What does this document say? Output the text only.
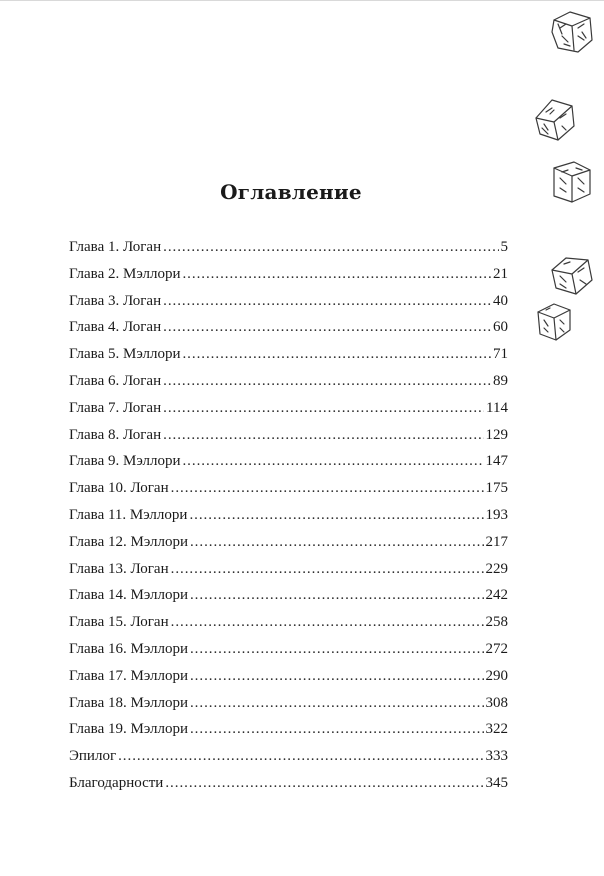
Оглавление
Глава 1. Логан . . .	5
Глава 2. Мэллори . . .	21
Глава 3. Логан . . .	40
Глава 4. Логан . . .	60
Глава 5. Мэллори . . .	71
Глава 6. Логан . . .	89
Глава 7. Логан . . .	114
Глава 8. Логан . . .	129
Глава 9. Мэллори . . .	147
Глава 10. Логан . . .	175
Глава 11. Мэллори . . .	193
Глава 12. Мэллори . . .	217
Глава 13. Логан . . .	229
Глава 14. Мэллори . . .	242
Глава 15. Логан . . .	258
Глава 16. Мэллори . . .	272
Глава 17. Мэллори . . .	290
Глава 18. Мэллори . . .	308
Глава 19. Мэллори . . .	322
Эпилог . . .	333
Благодарности . . .	345
